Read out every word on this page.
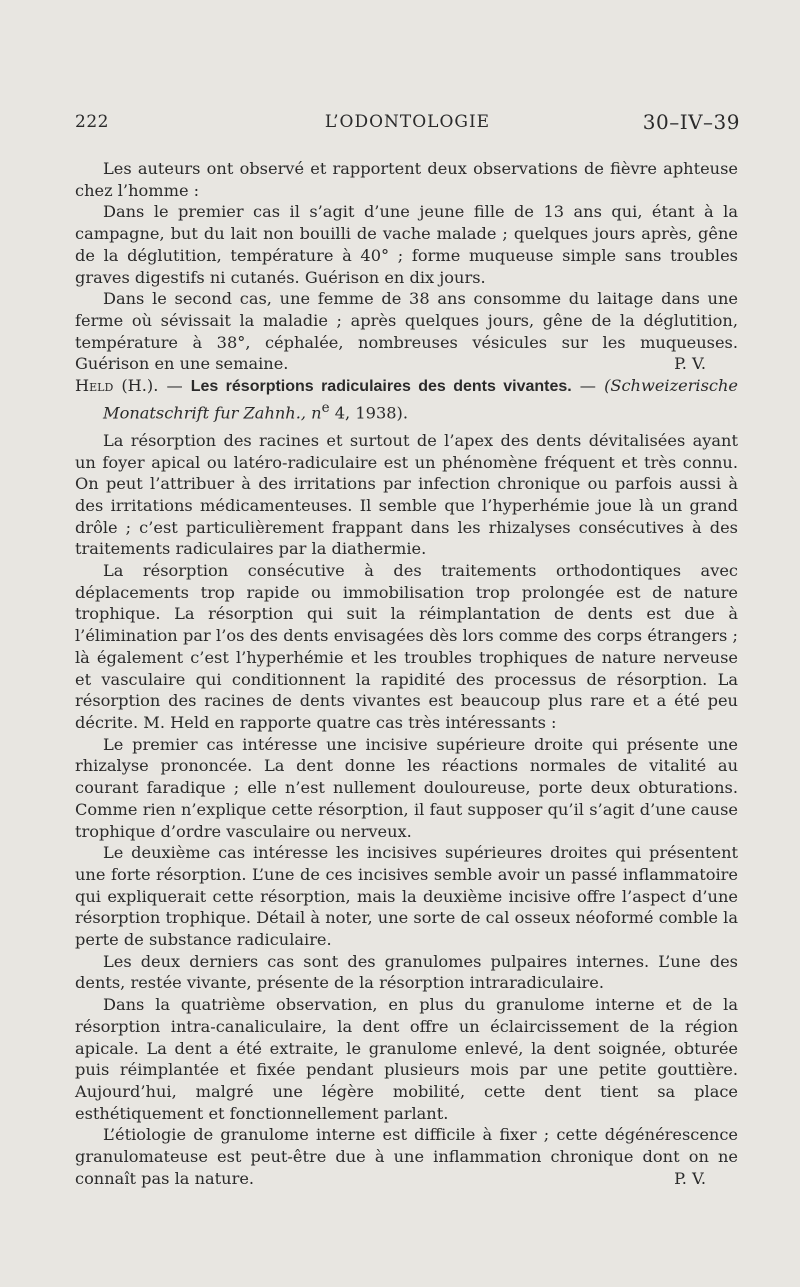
222	L’ODONTOLOGIE	30–IV–39

Les auteurs ont observé et rapportent deux observations de fièvre aphteuse chez l’homme :

Dans le premier cas il s’agit d’une jeune fille de 13 ans qui, étant à la campagne, but du lait non bouilli de vache malade ; quelques jours après, gêne de la déglutition, température à 40° ; forme muqueuse simple sans troubles graves digestifs ni cutanés. Guérison en dix jours.

Dans le second cas, une femme de 38 ans consomme du laitage dans une ferme où sévissait la maladie ; après quelques jours, gêne de la déglutition, température à 38°, céphalée, nombreuses vésicules sur les muqueuses. Guérison en une semaine.	P. V.

Held (H.). — Les résorptions radiculaires des dents vivantes. — (Schweizerische Monatschrift fur Zahnh., $n^e$ 4, 1938).

La résorption des racines et surtout de l’apex des dents dévitalisées ayant un foyer apical ou latéro-radiculaire est un phénomène fréquent et très connu. On peut l’attribuer à des irritations par infection chronique ou parfois aussi à des irritations médicamenteuses. Il semble que l’hyperhémie joue là un grand drôle ; c’est particulièrement frappant dans les rhizalyses consécutives à des traitements radiculaires par la diathermie.

La résorption consécutive à des traitements orthodontiques avec déplacements trop rapide ou immobilisation trop prolongée est de nature trophique. La résorption qui suit la réimplantation de dents est due à l’élimination par l’os des dents envisagées dès lors comme des corps étrangers ; là également c’est l’hyperhémie et les troubles trophiques de nature nerveuse et vasculaire qui conditionnent la rapidité des processus de résorption. La résorption des racines de dents vivantes est beaucoup plus rare et a été peu décrite. M. Held en rapporte quatre cas très intéressants :

Le premier cas intéresse une incisive supérieure droite qui présente une rhizalyse prononcée. La dent donne les réactions normales de vitalité au courant faradique ; elle n’est nullement douloureuse, porte deux obturations. Comme rien n’explique cette résorption, il faut supposer qu’il s’agit d’une cause trophique d’ordre vasculaire ou nerveux.

Le deuxième cas intéresse les incisives supérieures droites qui présentent une forte résorption. L’une de ces incisives semble avoir un passé inflammatoire qui expliquerait cette résorption, mais la deuxième incisive offre l’aspect d’une résorption trophique. Détail à noter, une sorte de cal osseux néoformé comble la perte de substance radiculaire.

Les deux derniers cas sont des granulomes pulpaires internes. L’une des dents, restée vivante, présente de la résorption intraradiculaire.

Dans la quatrième observation, en plus du granulome interne et de la résorption intra-canaliculaire, la dent offre un éclaircissement de la région apicale. La dent a été extraite, le granulome enlevé, la dent soignée, obturée puis réimplantée et fixée pendant plusieurs mois par une petite gouttière. Aujourd’hui, malgré une légère mobilité, cette dent tient sa place esthétiquement et fonctionnellement parlant.

L’étiologie de granulome interne est difficile à fixer ; cette dégénérescence granulomateuse est peut-être due à une inflammation chronique dont on ne connaît pas la nature.	P. V.
